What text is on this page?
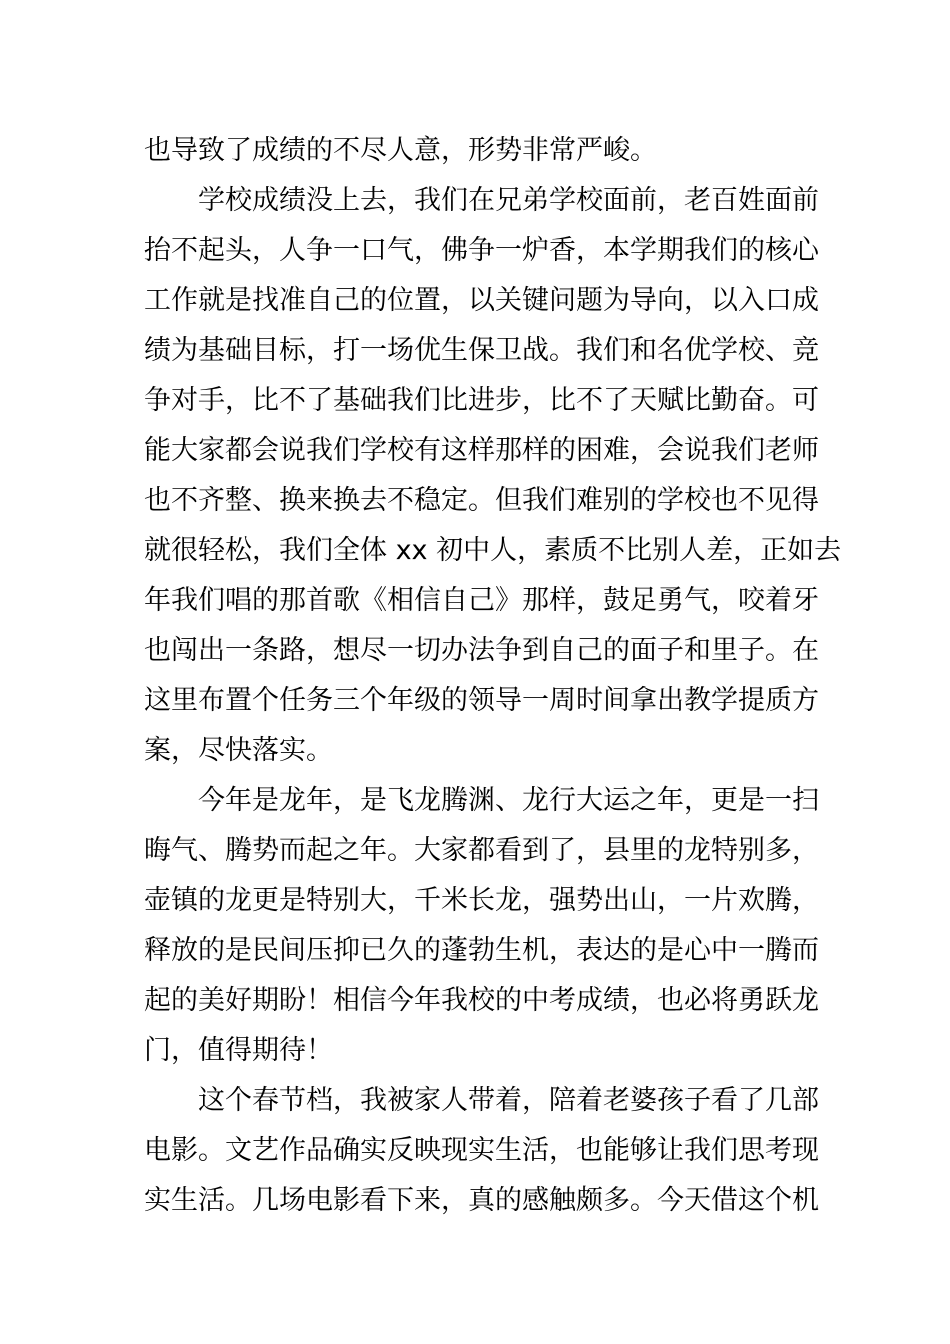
也导致了成绩的不尽人意，形势非常严峻。
学校成绩没上去，我们在兄弟学校面前，老百姓面前
抬不起头，人争一口气，佛争一炉香，本学期我们的核心
工作就是找准自己的位置，以关键问题为导向，以入口成
绩为基础目标，打一场优生保卫战。我们和名优学校、竞
争对手，比不了基础我们比进步，比不了天赋比勤奋。可
能大家都会说我们学校有这样那样的困难，会说我们老师
也不齐整、换来换去不稳定。但我们难别的学校也不见得
就很轻松，我们全体 xx 初中人，素质不比别人差，正如去
年我们唱的那首歌《相信自己》那样，鼓足勇气，咬着牙
也闯出一条路，想尽一切办法争到自己的面子和里子。在
这里布置个任务三个年级的领导一周时间拿出教学提质方
案，尽快落实。
今年是龙年，是飞龙腾渊、龙行大运之年，更是一扫
晦气、腾势而起之年。大家都看到了，县里的龙特别多，
壶镇的龙更是特别大，千米长龙，强势出山，一片欢腾，
释放的是民间压抑已久的蓬勃生机，表达的是心中一腾而
起的美好期盼！相信今年我校的中考成绩，也必将勇跃龙
门，值得期待！
这个春节档，我被家人带着，陪着老婆孩子看了几部
电影。文艺作品确实反映现实生活，也能够让我们思考现
实生活。几场电影看下来，真的感触颇多。今天借这个机
